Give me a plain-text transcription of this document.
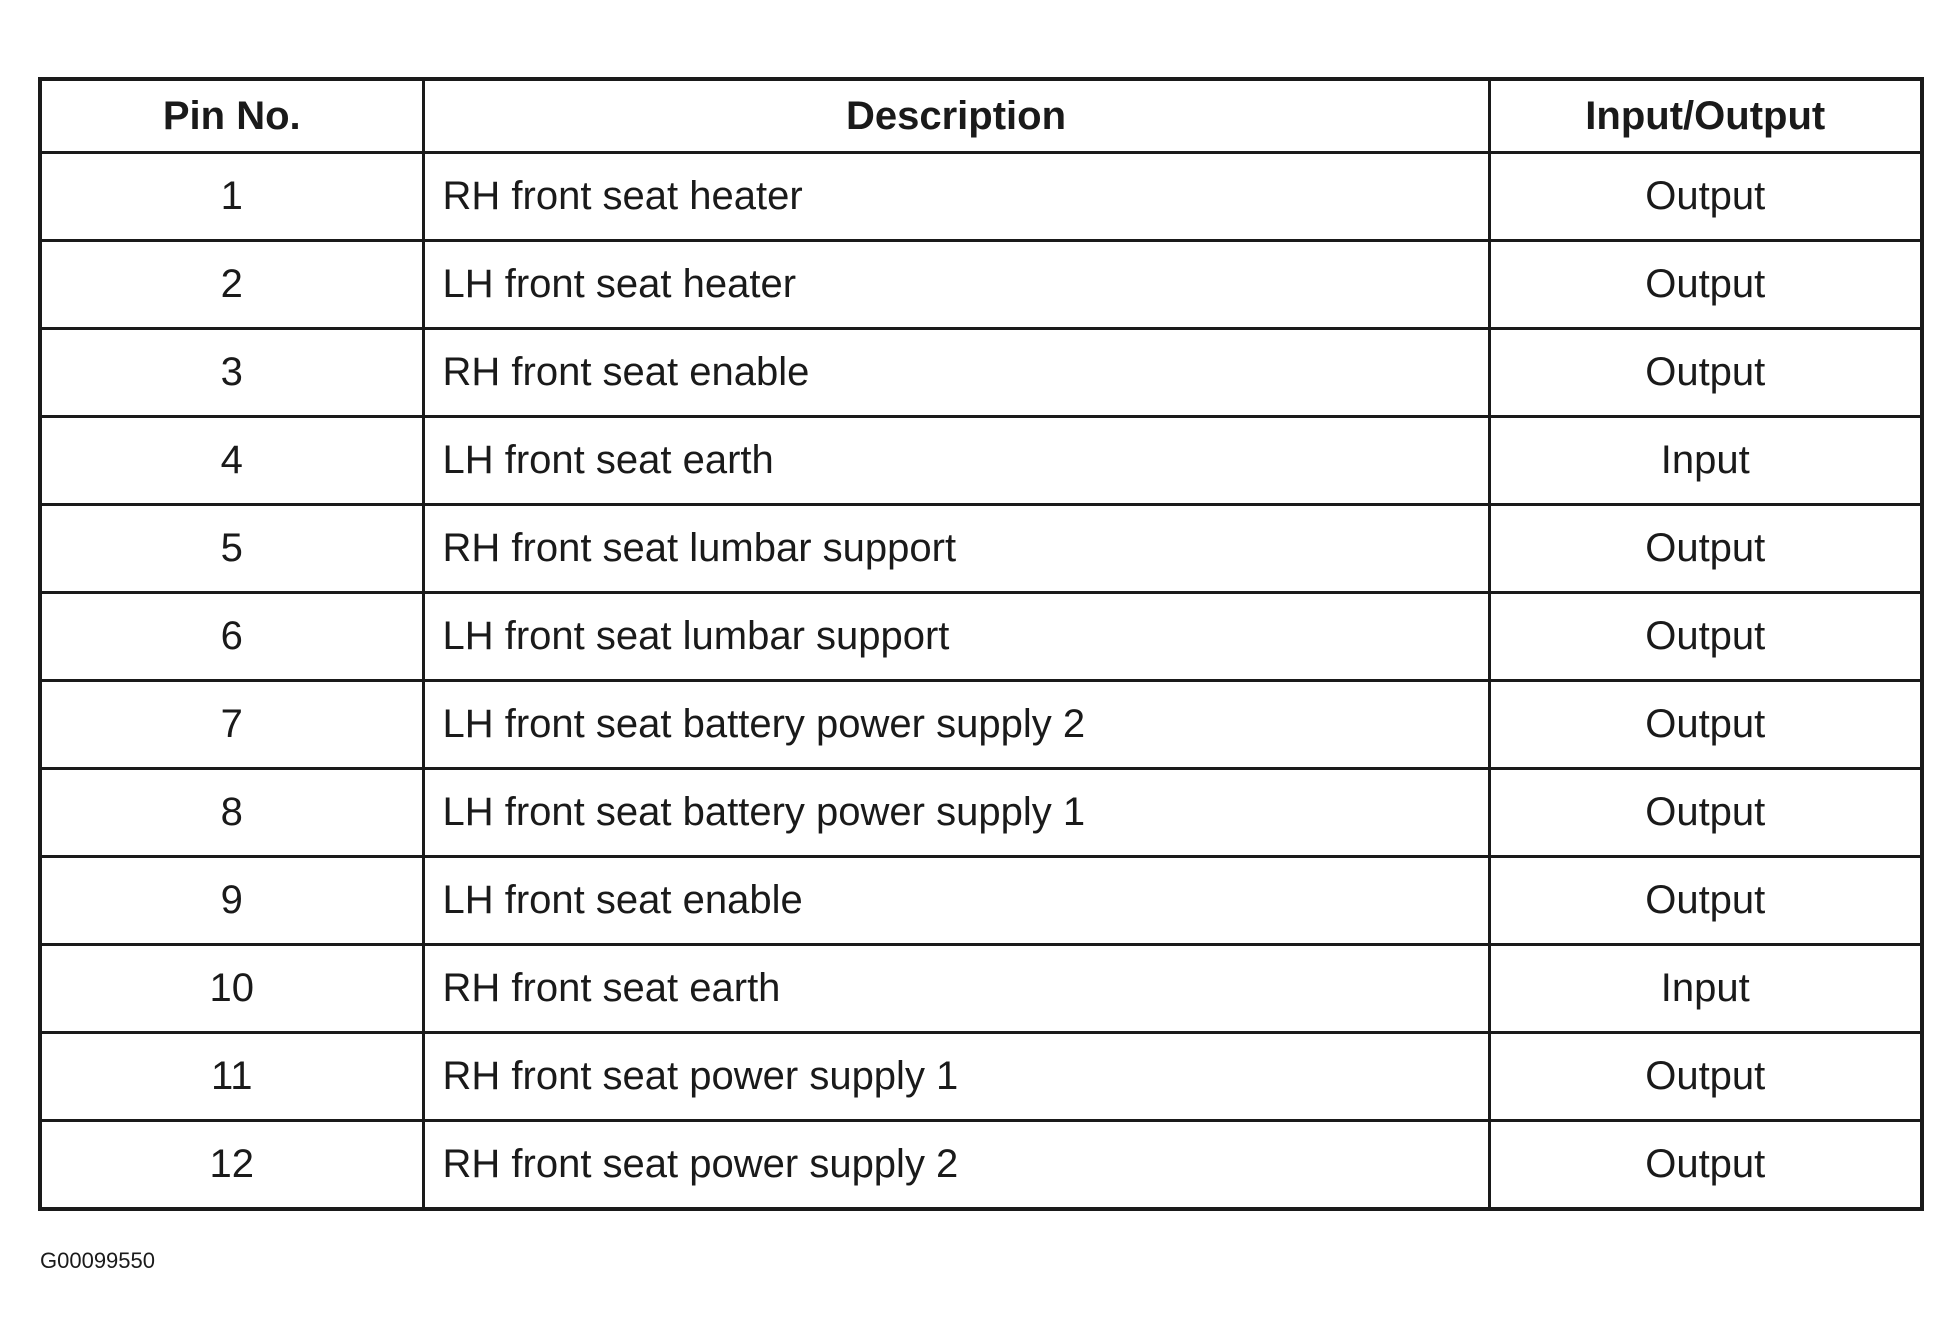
Pin No.	Description	Input/Output
1	RH front seat heater	Output
2	LH front seat heater	Output
3	RH front seat enable	Output
4	LH front seat earth	Input
5	RH front seat lumbar support	Output
6	LH front seat lumbar support	Output
7	LH front seat battery power supply 2	Output
8	LH front seat battery power supply 1	Output
9	LH front seat enable	Output
10	RH front seat earth	Input
11	RH front seat power supply 1	Output
12	RH front seat power supply 2	Output
G00099550
